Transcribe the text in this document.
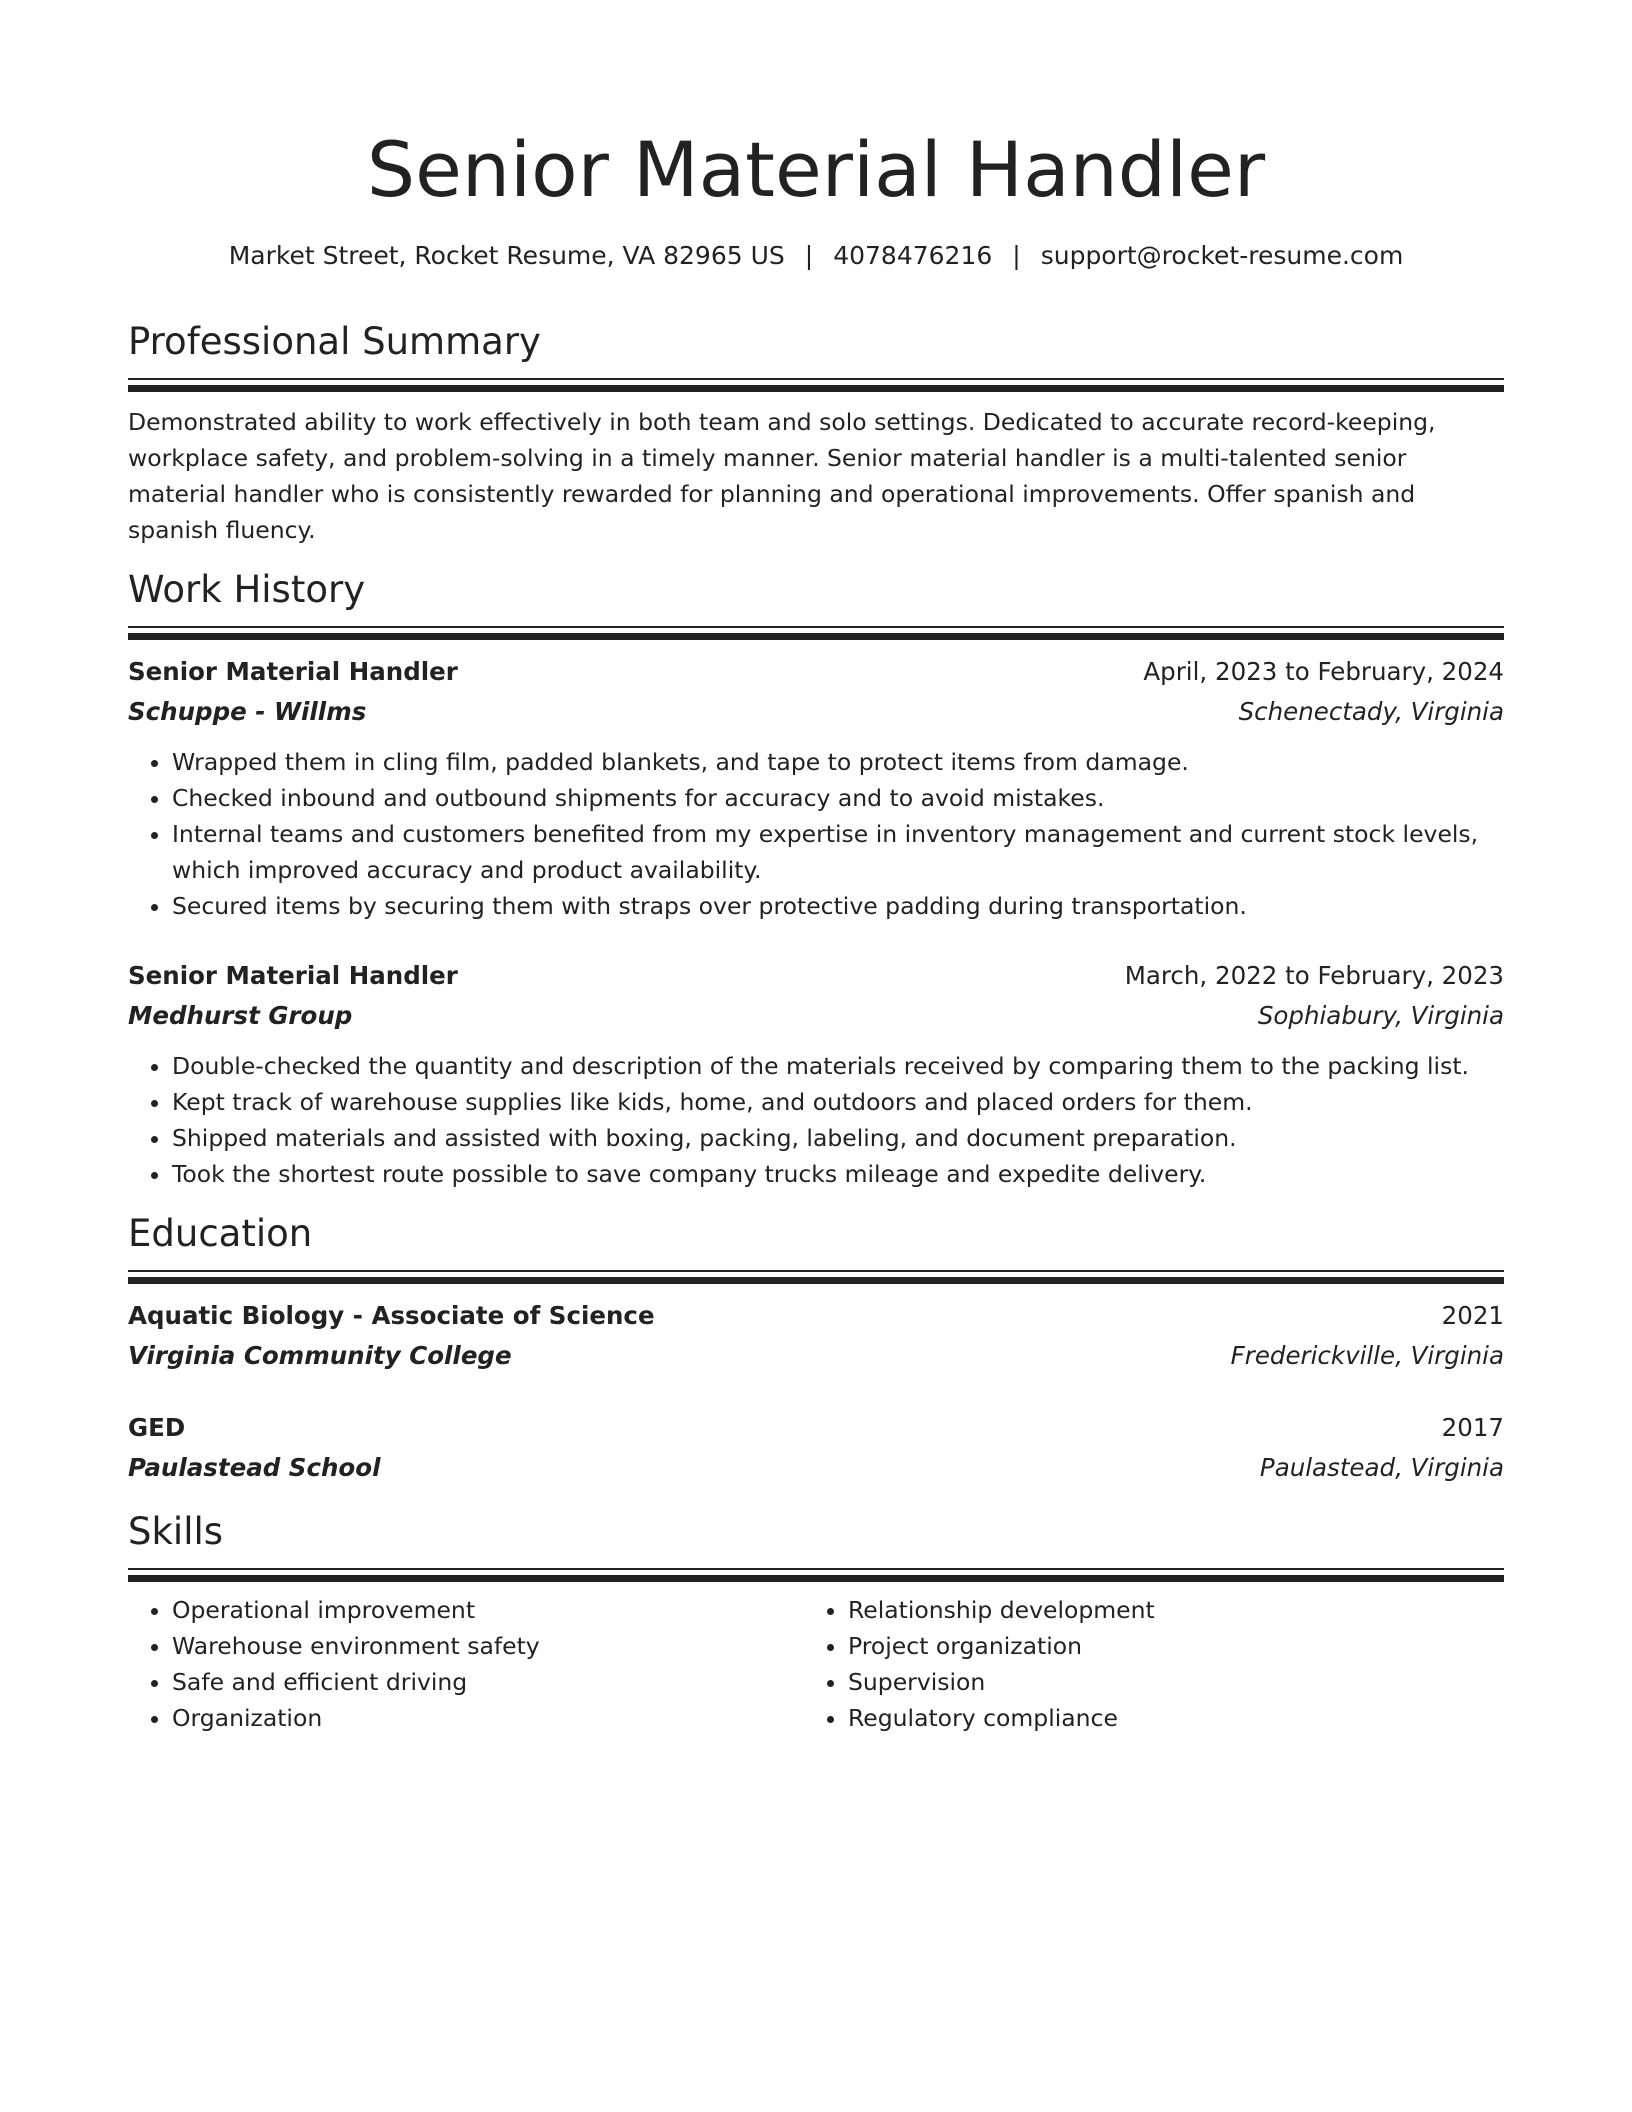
Senior Material Handler
Market Street, Rocket Resume, VA 82965 US | 4078476216 | support@rocket-resume.com
Professional Summary
Demonstrated ability to work effectively in both team and solo settings. Dedicated to accurate record-keeping, workplace safety, and problem-solving in a timely manner. Senior material handler is a multi-talented senior material handler who is consistently rewarded for planning and operational improvements. Offer spanish and spanish fluency.
Work History
Senior Material Handler	April, 2023 to February, 2024
Schuppe - Willms	Schenectady, Virginia
• Wrapped them in cling film, padded blankets, and tape to protect items from damage.
• Checked inbound and outbound shipments for accuracy and to avoid mistakes.
• Internal teams and customers benefited from my expertise in inventory management and current stock levels, which improved accuracy and product availability.
• Secured items by securing them with straps over protective padding during transportation.
Senior Material Handler	March, 2022 to February, 2023
Medhurst Group	Sophiabury, Virginia
• Double-checked the quantity and description of the materials received by comparing them to the packing list.
• Kept track of warehouse supplies like kids, home, and outdoors and placed orders for them.
• Shipped materials and assisted with boxing, packing, labeling, and document preparation.
• Took the shortest route possible to save company trucks mileage and expedite delivery.
Education
Aquatic Biology - Associate of Science	2021
Virginia Community College	Frederickville, Virginia
GED	2017
Paulastead School	Paulastead, Virginia
Skills
• Operational improvement
• Warehouse environment safety
• Safe and efficient driving
• Organization
• Relationship development
• Project organization
• Supervision
• Regulatory compliance
